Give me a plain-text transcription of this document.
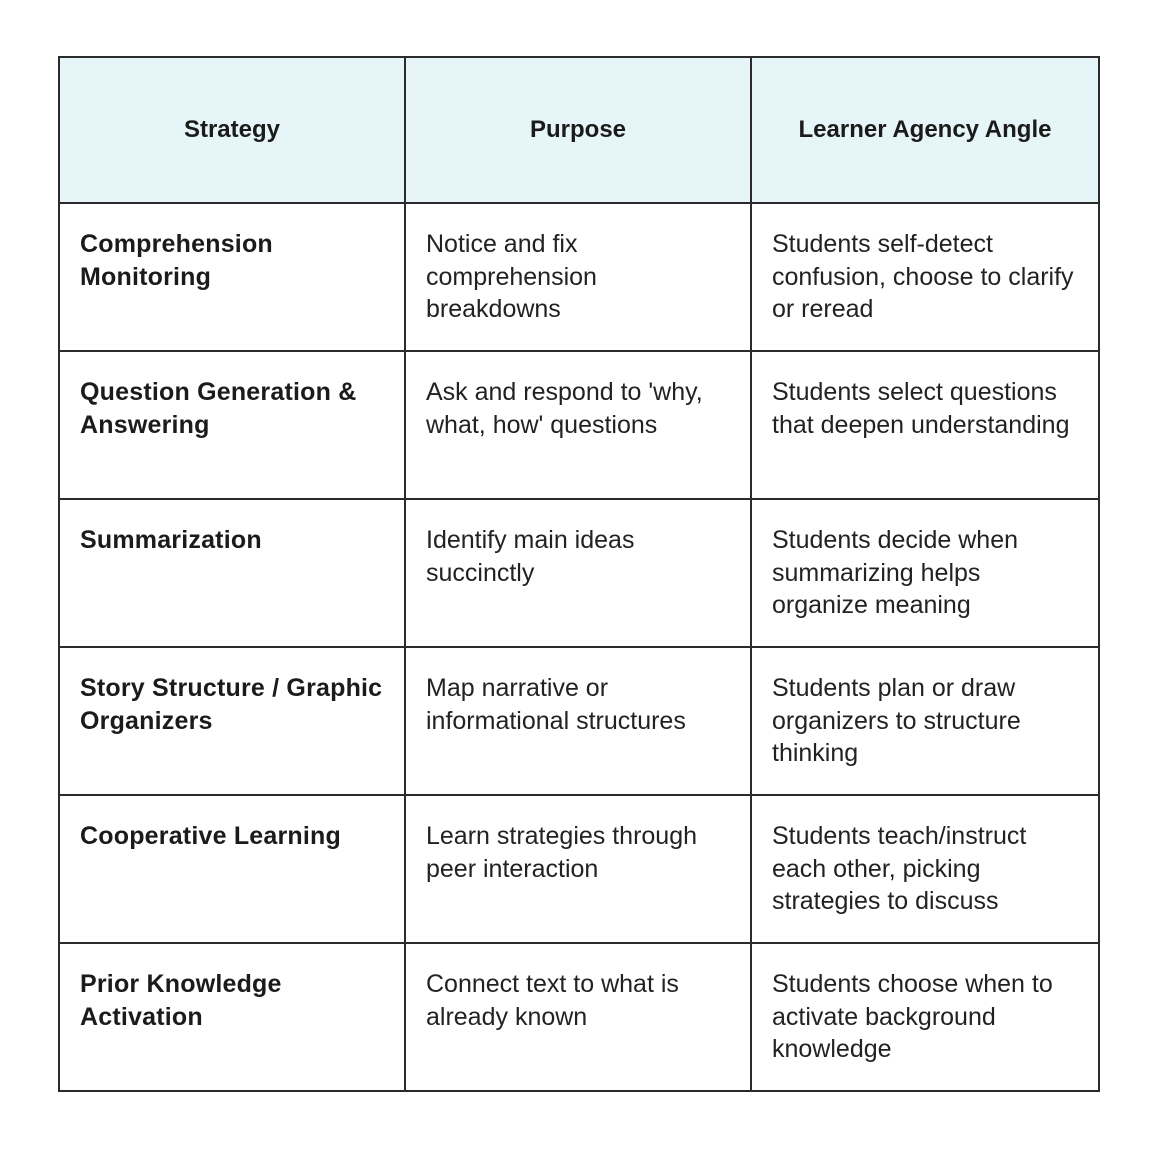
Strategy	Purpose	Learner Agency Angle
Comprehension Monitoring	Notice and fix comprehension breakdowns	Students self-detect confusion, choose to clarify or reread
Question Generation & Answering	Ask and respond to 'why, what, how' questions	Students select questions that deepen understanding
Summarization	Identify main ideas succinctly	Students decide when summarizing helps organize meaning
Story Structure / Graphic Organizers	Map narrative or informational structures	Students plan or draw organizers to structure thinking
Cooperative Learning	Learn strategies through peer interaction	Students teach/instruct each other, picking strategies to discuss
Prior Knowledge Activation	Connect text to what is already known	Students choose when to activate background knowledge
